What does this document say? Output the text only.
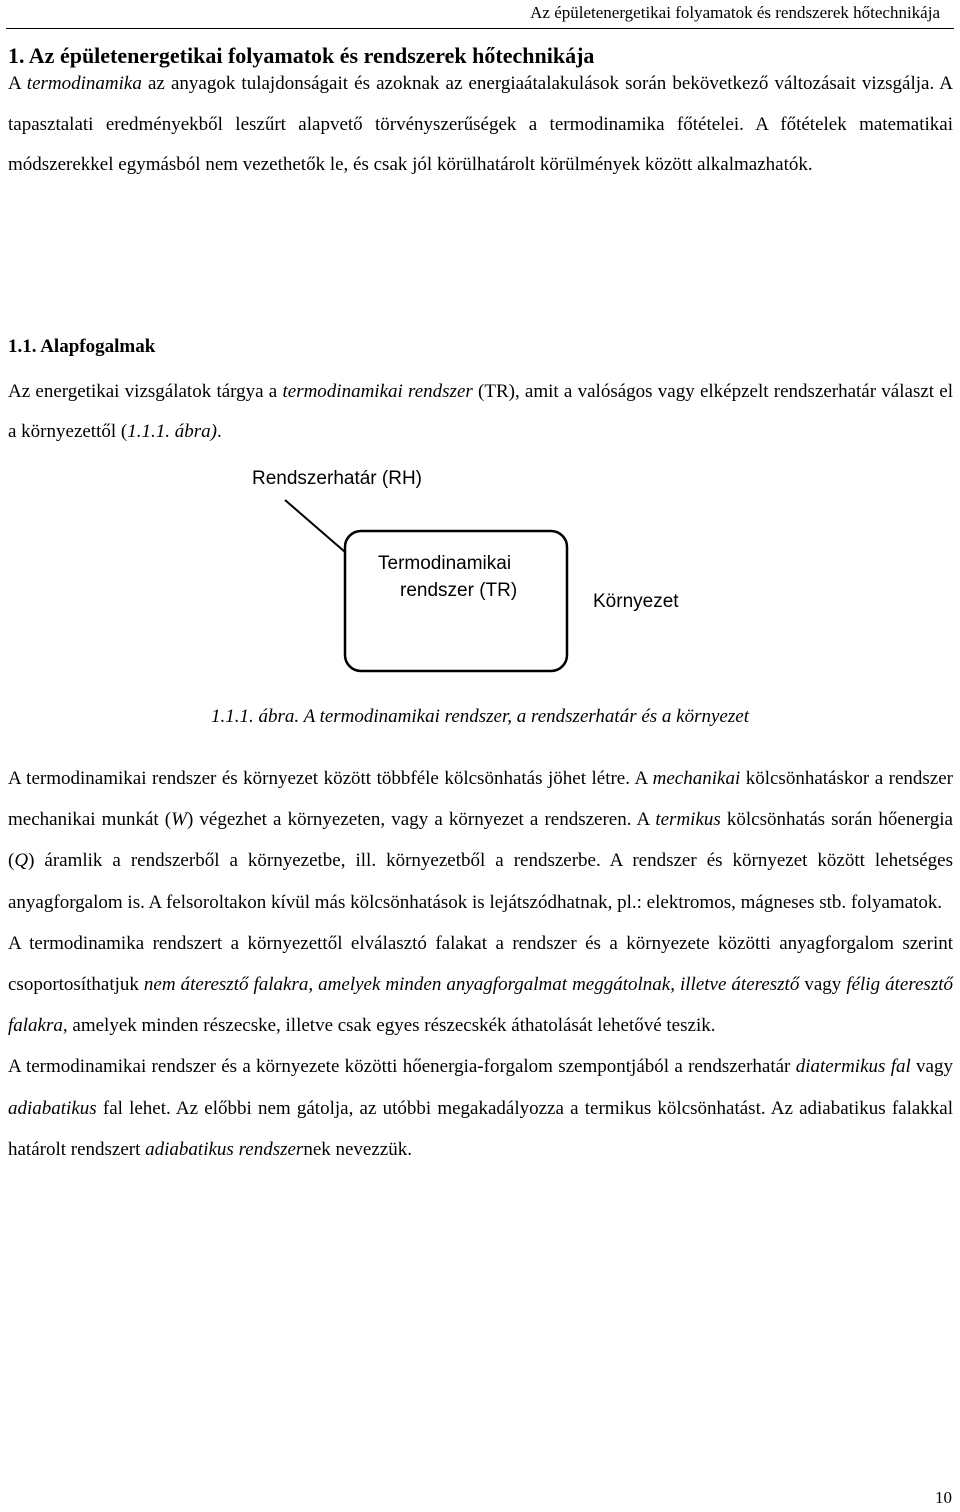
Az épületenergetikai folyamatok és rendszerek hőtechnikája
1. Az épületenergetikai folyamatok és rendszerek hőtechnikája

A termodinamika az anyagok tulajdonságait és azoknak az energiaátalakulások során bekövetkező változásait vizsgálja. A tapasztalati eredményekből leszűrt alapvető törvényszerűségek a termodinamika főtételei. A főtételek matematikai módszerekkel egymásból nem vezethetők le, és csak jól körülhatárolt körülmények között alkalmazhatók.

1.1. Alapfogalmak

Az energetikai vizsgálatok tárgya a termodinamikai rendszer (TR), amit a valóságos vagy elképzelt rendszerhatár választ el a környezettől (1.1.1. ábra).

Rendszerhatár (RH)
Termodinamikai
rendszer (TR)
Környezet

1.1.1. ábra. A termodinamikai rendszer, a rendszerhatár és a környezet

A termodinamikai rendszer és környezet között többféle kölcsönhatás jöhet létre. A mechanikai kölcsönhatáskor a rendszer mechanikai munkát (W) végezhet a környezeten, vagy a környezet a rendszeren. A termikus kölcsönhatás során hőenergia (Q) áramlik a rendszerből a környezetbe, ill. környezetből a rendszerbe. A rendszer és környezet között lehetséges anyagforgalom is. A felsoroltakon kívül más kölcsönhatások is lejátszódhatnak, pl.: elektromos, mágneses stb. folyamatok.
A termodinamika rendszert a környezettől elválasztó falakat a rendszer és a környezete közötti anyagforgalom szerint csoportosíthatjuk nem áteresztő falakra, amelyek minden anyagforgalmat meggátolnak, illetve áteresztő vagy félig áteresztő falakra, amelyek minden részecske, illetve csak egyes részecskék áthatolását lehetővé teszik.
A termodinamikai rendszer és a környezete közötti hőenergia-forgalom szempontjából a rendszerhatár diatermikus fal vagy adiabatikus fal lehet. Az előbbi nem gátolja, az utóbbi megakadályozza a termikus kölcsönhatást. Az adiabatikus falakkal határolt rendszert adiabatikus rendszernek nevezzük.

10
